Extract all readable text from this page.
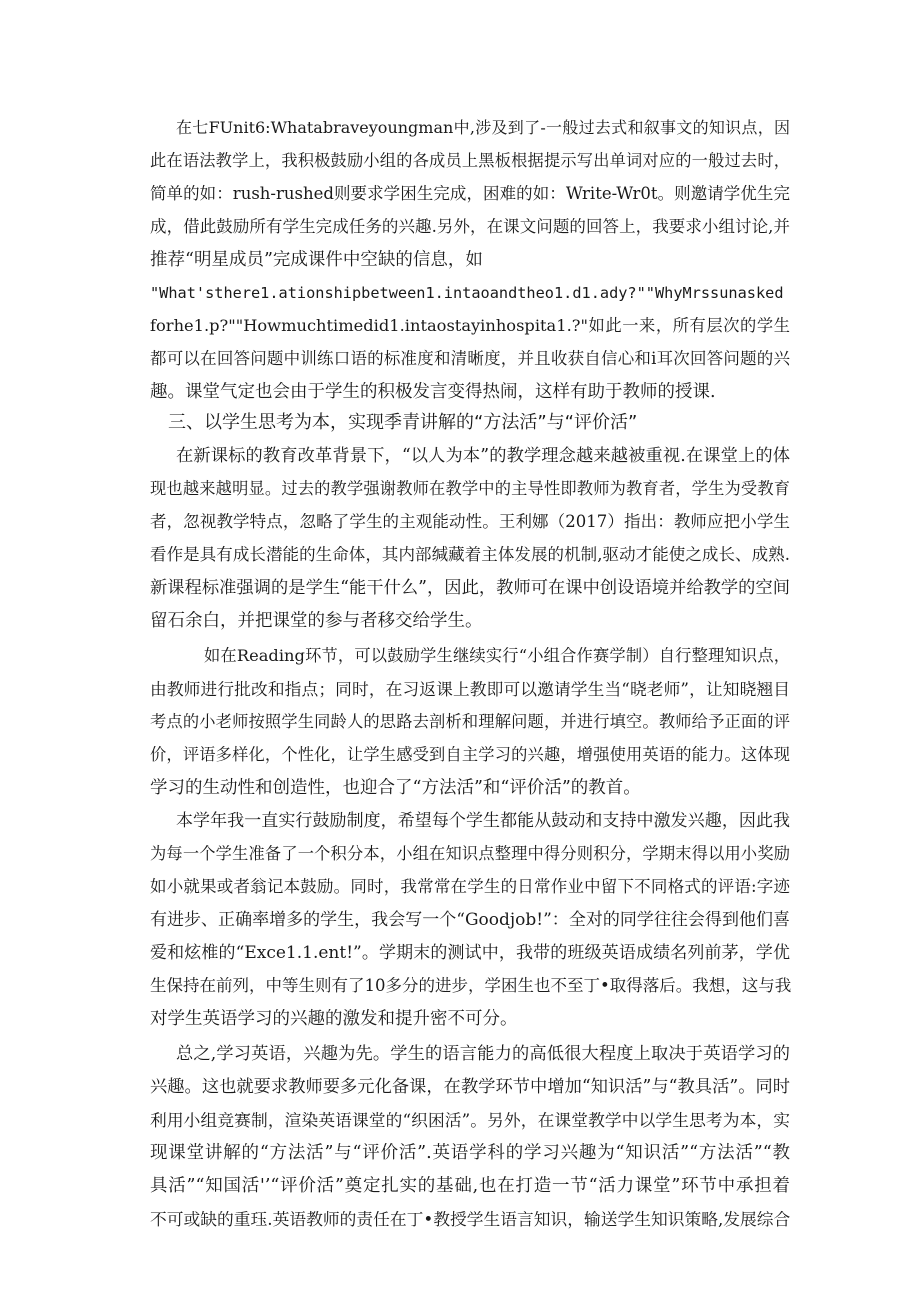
在七FUnit6:Whatabraveyoungman中,涉及到了-一般过去式和叙事文的知识点，因
此在语法教学上，我积极鼓励小组的各成员上黑板根据提示写出单词对应的一般过去时，
简单的如：rush-rushed则要求学困生完成，困难的如：Write-Wr0t。则邀请学优生完
成，借此鼓励所有学生完成任务的兴趣.另外，在课文问题的回答上，我要求小组讨论,并
推荐“明星成员”完成课件中空缺的信息，如
"What'sthere1.ationshipbetween1.intaoandtheo1.d1.ady?""WhyMrssunasked
forhe1.p?""Howmuchtimedid1.intaostayinhospita1.?"如此一来，所有层次的学生
都可以在回答问题中训练口语的标准度和清晰度，并且收获自信心和i耳次回答问题的兴
趣。课堂气定也会由于学生的积极发言变得热闹，这样有助于教师的授课.
三、以学生思考为本，实现季青讲解的“方法活”与“评价活”
在新课标的教育改革背景下，“以人为本”的教学理念越来越被重视.在课堂上的体
现也越来越明显。过去的教学强谢教师在教学中的主导性即教师为教育者，学生为受教育
者，忽视教学特点，忽略了学生的主观能动性。王利娜（2017）指出：教师应把小学生
看作是具有成长潜能的生命体，其内部缄藏着主体发展的机制,驱动才能使之成长、成熟.
新课程标准强调的是学生“能干什么”，因此，教师可在课中创设语境并给教学的空间
留石余白，并把课堂的参与者移交给学生。
如在Reading环节，可以鼓励学生继续实行“小组合作赛学制）自行整理知识点，
由教师进行批改和指点；同时，在习返课上教即可以邀请学生当“晓老师”，让知晓翘目
考点的小老师按照学生同龄人的思路去剖析和理解问题，并进行填空。教师给予正面的评
价，评语多样化，个性化，让学生感受到自主学习的兴趣，增强使用英语的能力。这体现
学习的生动性和创造性，也迎合了“方法活”和“评价活”的教首。
本学年我一直实行鼓励制度，希望每个学生都能从鼓动和支持中激发兴趣，因此我
为每一个学生准备了一个积分本，小组在知识点整理中得分则积分，学期末得以用小奖励
如小就果或者翁记本鼓励。同时，我常常在学生的日常作业中留下不同格式的评语:字迹
有进步、正确率增多的学生，我会写一个“Goodjob!”：全对的同学往往会得到他们喜
爱和炫椎的“Exce1.1.ent!”。学期末的测试中，我带的班级英语成绩名列前茅，学优
生保持在前列，中等生则有了10多分的进步，学困生也不至丁•取得落后。我想，这与我
对学生英语学习的兴趣的激发和提升密不可分。
总之,学习英语，兴趣为先。学生的语言能力的高低很大程度上取决于英语学习的
兴趣。这也就要求教师要多元化备课，在教学环节中增加“知识活”与“教具活”。同时
利用小组竞赛制，渲染英语课堂的“织困活”。另外，在课堂教学中以学生思考为本，实
现课堂讲解的“方法活”与“评价活”.英语学科的学习兴趣为“知识活”“方法活”“教
具活”“知国活'’“评价活”奠定扎实的基础,也在打造一节“活力课堂”环节中承担着
不可或缺的重珏.英语教师的责任在丁•教授学生语言知识，输送学生知识策略,发展综合
